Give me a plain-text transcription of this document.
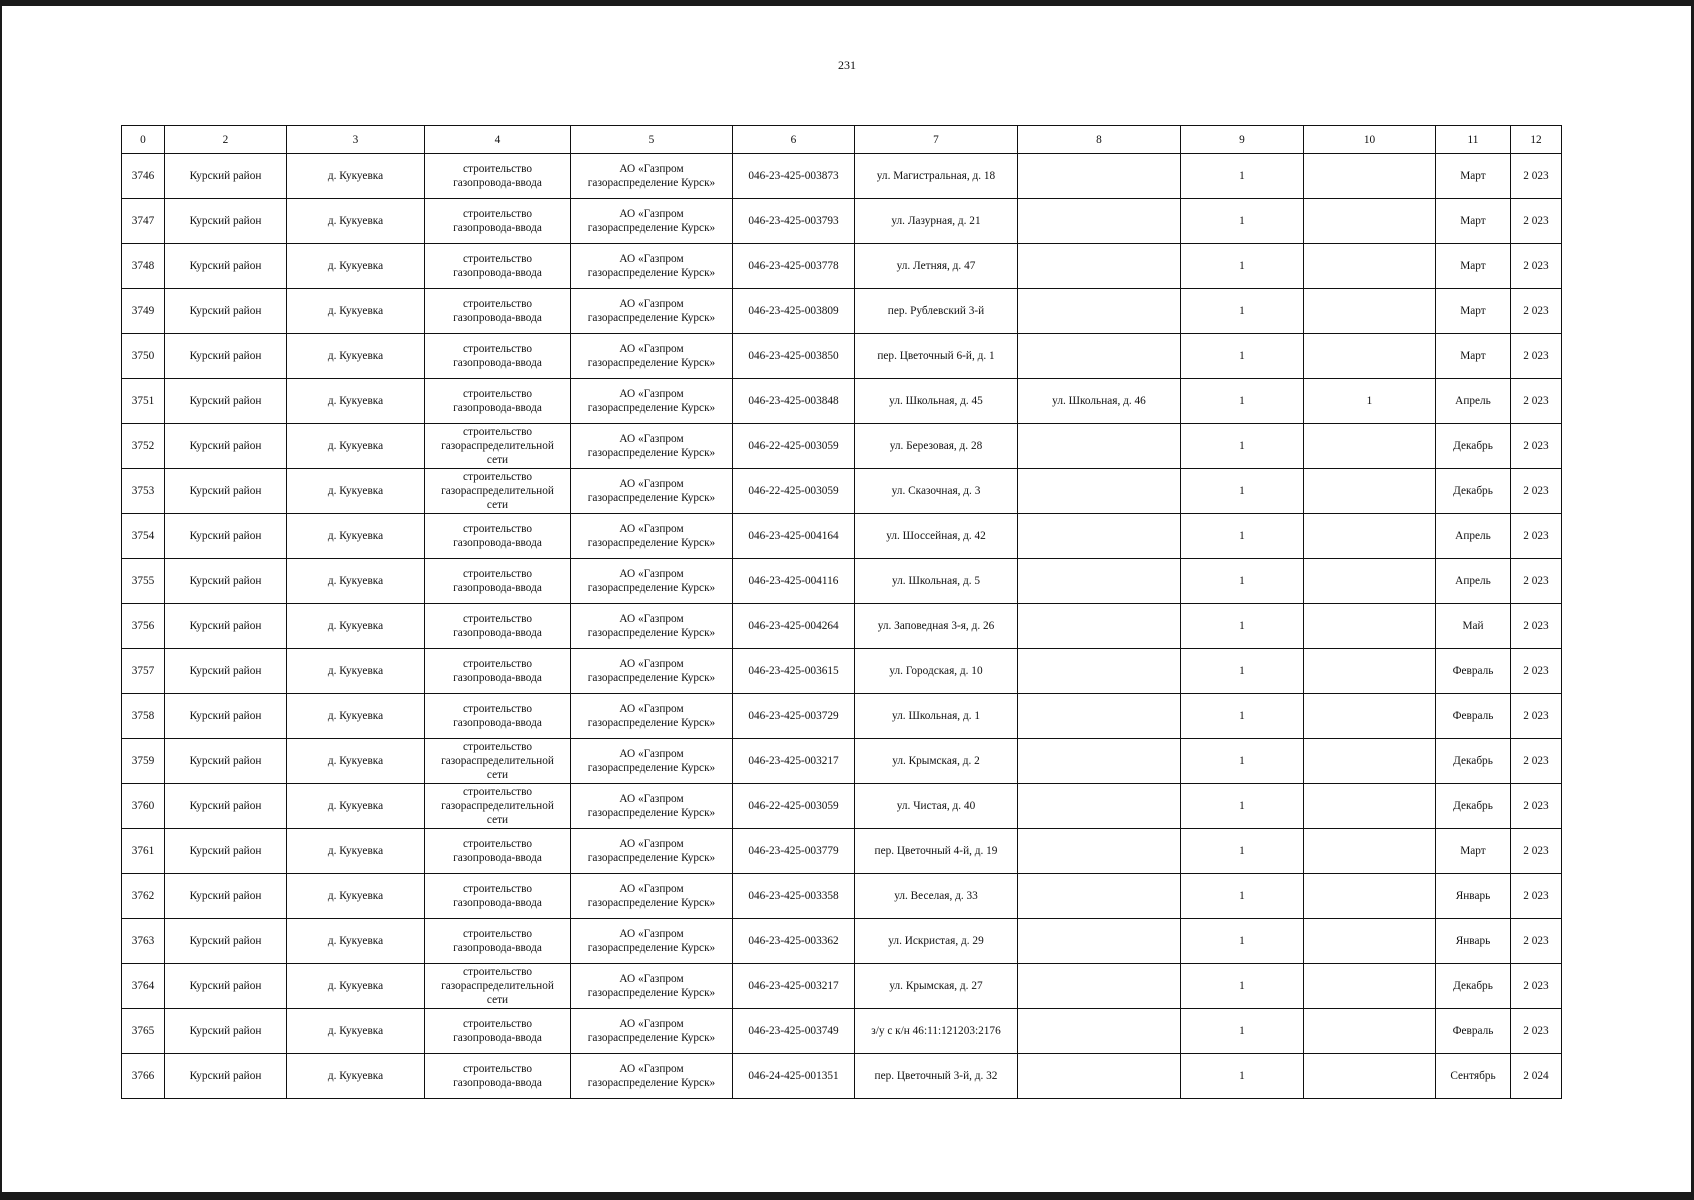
231
0	2	3	4	5	6	7	8	9	10	11	12
3746	Курский район	д. Кукуевка	строительство
газопровода-ввода	АО «Газпром
газораспределение Курск»	046-23-425-003873	ул. Магистральная, д. 18		1		Март	2 023
3747	Курский район	д. Кукуевка	строительство
газопровода-ввода	АО «Газпром
газораспределение Курск»	046-23-425-003793	ул. Лазурная, д. 21		1		Март	2 023
3748	Курский район	д. Кукуевка	строительство
газопровода-ввода	АО «Газпром
газораспределение Курск»	046-23-425-003778	ул. Летняя, д. 47		1		Март	2 023
3749	Курский район	д. Кукуевка	строительство
газопровода-ввода	АО «Газпром
газораспределение Курск»	046-23-425-003809	пер. Рублевский 3-й		1		Март	2 023
3750	Курский район	д. Кукуевка	строительство
газопровода-ввода	АО «Газпром
газораспределение Курск»	046-23-425-003850	пер. Цветочный 6-й, д. 1		1		Март	2 023
3751	Курский район	д. Кукуевка	строительство
газопровода-ввода	АО «Газпром
газораспределение Курск»	046-23-425-003848	ул. Школьная, д. 45	ул. Школьная, д. 46	1	1	Апрель	2 023
3752	Курский район	д. Кукуевка	строительство
газораспределительной
сети	АО «Газпром
газораспределение Курск»	046-22-425-003059	ул. Березовая, д. 28		1		Декабрь	2 023
3753	Курский район	д. Кукуевка	строительство
газораспределительной
сети	АО «Газпром
газораспределение Курск»	046-22-425-003059	ул. Сказочная, д. 3		1		Декабрь	2 023
3754	Курский район	д. Кукуевка	строительство
газопровода-ввода	АО «Газпром
газораспределение Курск»	046-23-425-004164	ул. Шоссейная, д. 42		1		Апрель	2 023
3755	Курский район	д. Кукуевка	строительство
газопровода-ввода	АО «Газпром
газораспределение Курск»	046-23-425-004116	ул. Школьная, д. 5		1		Апрель	2 023
3756	Курский район	д. Кукуевка	строительство
газопровода-ввода	АО «Газпром
газораспределение Курск»	046-23-425-004264	ул. Заповедная 3-я, д. 26		1		Май	2 023
3757	Курский район	д. Кукуевка	строительство
газопровода-ввода	АО «Газпром
газораспределение Курск»	046-23-425-003615	ул. Городская, д. 10		1		Февраль	2 023
3758	Курский район	д. Кукуевка	строительство
газопровода-ввода	АО «Газпром
газораспределение Курск»	046-23-425-003729	ул. Школьная, д. 1		1		Февраль	2 023
3759	Курский район	д. Кукуевка	строительство
газораспределительной
сети	АО «Газпром
газораспределение Курск»	046-23-425-003217	ул. Крымская, д. 2		1		Декабрь	2 023
3760	Курский район	д. Кукуевка	строительство
газораспределительной
сети	АО «Газпром
газораспределение Курск»	046-22-425-003059	ул. Чистая, д. 40		1		Декабрь	2 023
3761	Курский район	д. Кукуевка	строительство
газопровода-ввода	АО «Газпром
газораспределение Курск»	046-23-425-003779	пер. Цветочный 4-й, д. 19		1		Март	2 023
3762	Курский район	д. Кукуевка	строительство
газопровода-ввода	АО «Газпром
газораспределение Курск»	046-23-425-003358	ул. Веселая, д. 33		1		Январь	2 023
3763	Курский район	д. Кукуевка	строительство
газопровода-ввода	АО «Газпром
газораспределение Курск»	046-23-425-003362	ул. Искристая, д. 29		1		Январь	2 023
3764	Курский район	д. Кукуевка	строительство
газораспределительной
сети	АО «Газпром
газораспределение Курск»	046-23-425-003217	ул. Крымская, д. 27		1		Декабрь	2 023
3765	Курский район	д. Кукуевка	строительство
газопровода-ввода	АО «Газпром
газораспределение Курск»	046-23-425-003749	з/у с к/н 46:11:121203:2176		1		Февраль	2 023
3766	Курский район	д. Кукуевка	строительство
газопровода-ввода	АО «Газпром
газораспределение Курск»	046-24-425-001351	пер. Цветочный 3-й, д. 32		1		Сентябрь	2 024
